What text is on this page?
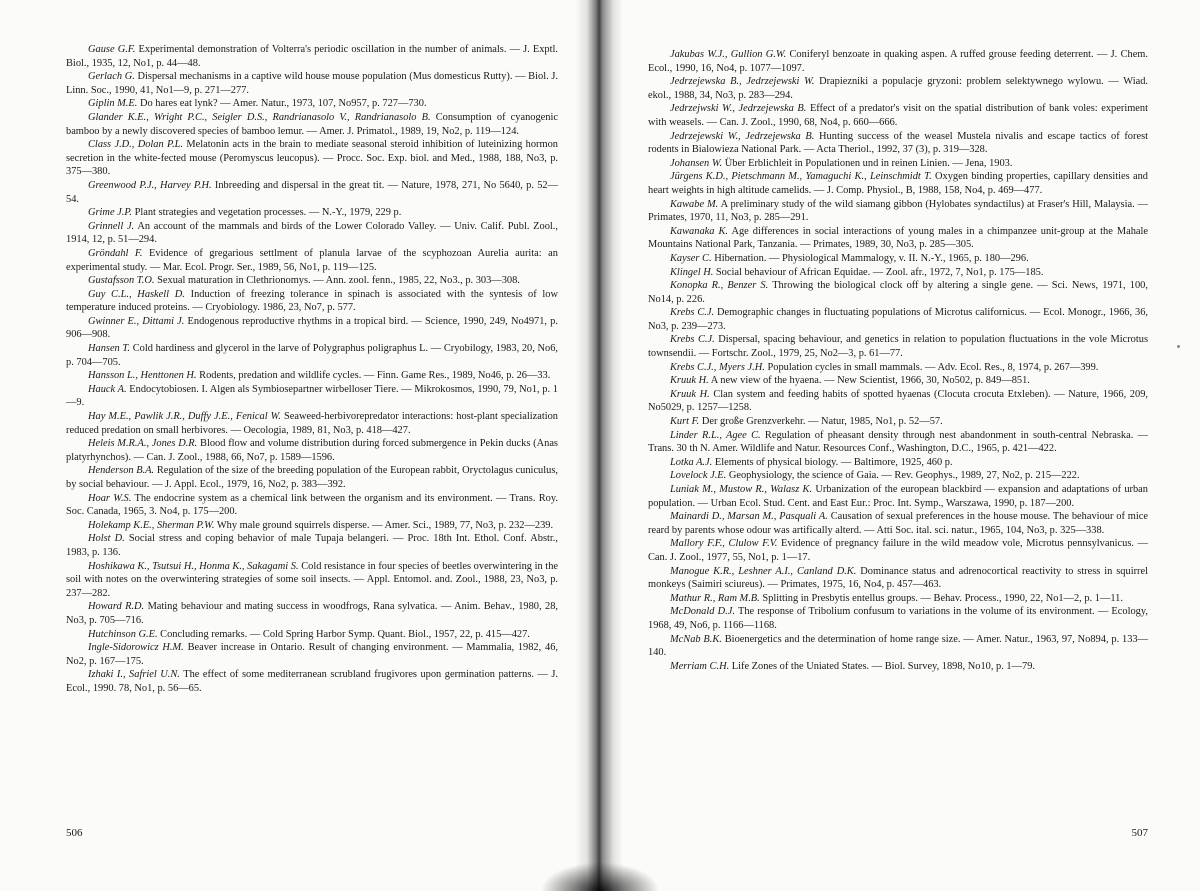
Gause G.F. Experimental demonstration of Volterra's periodic oscillation in the number of animals. — J. Exptl. Biol., 1935, 12, No1, p. 44—48.

Gerlach G. Dispersal mechanisms in a captive wild house mouse population (Mus domesticus Rutty). — Biol. J. Linn. Soc., 1990, 41, No1—9, p. 271—277.

Giplin M.E. Do hares eat lynk? — Amer. Natur., 1973, 107, No957, p. 727—730.

Glander K.E., Wright P.C., Seigler D.S., Randrianasolo V., Randrianasolo B. Consumption of cyanogenic bamboo by a newly discovered species of bamboo lemur. — Amer. J. Primatol., 1989, 19, No2, p. 119—124.

Class J.D., Dolan P.L. Melatonin acts in the brain to mediate seasonal steroid inhibition of luteinizing hormon secretion in the white-fected mouse (Peromyscus leucopus). — Procc. Soc. Exp. biol. and Med., 1988, 188, No3, p. 375—380.

Greenwood P.J., Harvey P.H. Inbreeding and dispersal in the great tit. — Nature, 1978, 271, No 5640, p. 52—54.

Grime J.P. Plant strategies and vegetation processes. — N.-Y., 1979, 229 p.

Grinnell J. An account of the mammals and birds of the Lower Colorado Valley. — Univ. Calif. Publ. Zool., 1914, 12, p. 51—294.

Gröndahl F. Evidence of gregarious settlment of planula larvae of the scyphozoan Aurelia aurita: an experimental study. — Mar. Ecol. Progr. Ser., 1989, 56, No1, p. 119—125.

Gustafsson T.O. Sexual maturation in Clethrionomys. — Ann. zool. fenn., 1985, 22, No3., p. 303—308.

Guy C.L., Haskell D. Induction of freezing tolerance in spinach is associated with the syntesis of low temperature induced proteins. — Cryobiology. 1986, 23, No7, p. 577.

Gwinner E., Dittami J. Endogenous reproductive rhythms in a tropical bird. — Science, 1990, 249, No4971, p. 906—908.

Hansen T. Cold hardiness and glycerol in the larve of Polygraphus poligraphus L. — Cryobilogy, 1983, 20, No6, p. 704—705.

Hansson L., Henttonen H. Rodents, predation and wildlife cycles. — Finn. Game Res., 1989, No46, p. 26—33.

Hauck A. Endocytobiosen. I. Algen als Symbiosepartner wirbelloser Tiere. — Mikrokosmos, 1990, 79, No1, p. 1—9.

Hay M.E., Pawlik J.R., Duffy J.E., Fenical W. Seaweed-herbivorepredator interactions: host-plant specialization reduced predation on small herbivores. — Oecologia, 1989, 81, No3, p. 418—427.

Heleis M.R.A., Jones D.R. Blood flow and volume distribution during forced submergence in Pekin ducks (Anas platyrhynchos). — Can. J. Zool., 1988, 66, No7, p. 1589—1596.

Henderson B.A. Regulation of the size of the breeding population of the European rabbit, Oryctolagus cuniculus, by social behaviour. — J. Appl. Ecol., 1979, 16, No2, p. 383—392.

Hoar W.S. The endocrine system as a chemical link between the organism and its environment. — Trans. Roy. Soc. Canada, 1965, 3. No4, p. 175—200.

Holekamp K.E., Sherman P.W. Why male ground squirrels disperse. — Amer. Sci., 1989, 77, No3, p. 232—239.

Holst D. Social stress and coping behavior of male Tupaja belangeri. — Proc. 18th Int. Ethol. Conf. Abstr., 1983, p. 136.

Hoshikawa K., Tsutsui H., Honma K., Sakagami S. Cold resistance in four species of beetles overwintering in the soil with notes on the overwintering strategies of some soil insects. — Appl. Entomol. and. Zool., 1988, 23, No3, p. 237—282.

Howard R.D. Mating behaviour and mating success in woodfrogs, Rana sylvatica. — Anim. Behav., 1980, 28, No3, p. 705—716.

Hutchinson G.E. Concluding remarks. — Cold Spring Harbor Symp. Quant. Biol., 1957, 22, p. 415—427.

Ingle-Sidorowicz H.M. Beaver increase in Ontario. Result of changing environment. — Mammalia, 1982, 46, No2, p. 167—175.

Izhaki I., Safriel U.N. The effect of some mediterranean scrubland frugivores upon germination patterns. — J. Ecol., 1990. 78, No1, p. 56—65.

506

Jakubas W.J., Gullion G.W. Coniferyl benzoate in quaking aspen. A ruffed grouse feeding deterrent. — J. Chem. Ecol., 1990, 16, No4, p. 1077—1097.

Jedrzejewska B., Jedrzejewski W. Drapieznikі a populacje gryzoni: problem selektywnego wylowu. — Wiad. ekol., 1988, 34, No3, p. 283—294.

Jedrzejwski W., Jedrzejewska B. Effect of a predator's visit on the spatial distribution of bank voles: experiment with weasels. — Can. J. Zool., 1990, 68, No4, p. 660—666.

Jedrzejewski W., Jedrzejewska B. Hunting success of the weasel Mustela nivalis and escape tactics of forest rodents in Bialowieza National Park. — Acta Theriol., 1992, 37 (3), p. 319—328.

Johansen W. Über Erblichleit in Populationen und in reinen Linien. — Jena, 1903.

Jürgens K.D., Pietschmann M., Yamaguchi K., Leinschmidt T. Oxygen binding properties, capillary densities and heart weights in high altitude camelids. — J. Comp. Physiol., B, 1988, 158, No4, p. 469—477.

Kawabe M. A preliminary study of the wild siamang gibbon (Hylobates syndactilus) at Fraser's Hill, Malaysia. — Primates, 1970, 11, No3, p. 285—291.

Kawanaka K. Age differences in social interactions of young males in a chimpanzee unit-group at the Mahale Mountains National Park, Tanzania. — Primates, 1989, 30, No3, p. 285—305.

Kayser C. Hibernation. — Physiological Mammalogy, v. II. N.-Y., 1965, p. 180—296.

Klingel H. Social behaviour of African Equidae. — Zool. afr., 1972, 7, No1, p. 175—185.

Konopka R., Benzer S. Throwing the biological clock off by altering a single gene. — Sci. News, 1971, 100, No14, p. 226.

Krebs C.J. Demographic changes in fluctuating populations of Microtus californicus. — Ecol. Monogr., 1966, 36, No3, p. 239—273.

Krebs C.J. Dispersal, spacing behaviour, and genetics in relation to population fluctuations in the vole Microtus townsendii. — Fortschr. Zool., 1979, 25, No2—3, p. 61—77.

Krebs C.J., Myers J.H. Population cycles in small mammals. — Adv. Ecol. Res., 8, 1974, p. 267—399.

Kruuk H. A new view of the hyaena. — New Scientist, 1966, 30, No502, p. 849—851.

Kruuk H. Clan system and feeding habits of spotted hyaenas (Clocuta crocuta Etxleben). — Nature, 1966, 209, No5029, p. 1257—1258.

Kurt F. Der große Grenzverkehr. — Natur, 1985, No1, p. 52—57.

Linder R.L., Agee C. Regulation of pheasant density through nest abandonment in south-central Nebraska. — Trans. 30 th N. Amer. Wildlife and Natur. Resources Conf., Washington, D.C., 1965, p. 421—422.

Lotka A.J. Elements of physical biology. — Baltimore, 1925, 460 p.

Lovelock J.E. Geophysiology, the science of Gaia. — Rev. Geophys., 1989, 27, No2, p. 215—222.

Luniak M., Mustow R., Walasz K. Urbanization of the european blackbird — expansion and adaptations of urban population. — Urban Ecol. Stud. Cent. and East Eur.: Proc. Int. Symp., Warszawa, 1990, p. 187—200.

Mainardi D., Marsan M., Pasquali A. Causation of sexual preferences in the house mouse. The behaviour of mice reard by parents whose odour was artifically alterd. — Atti Soc. ital. sci. natur., 1965, 104, No3, p. 325—338.

Mallory F.F., Clulow F.V. Evidence of pregnancy failure in the wild meadow vole, Microtus pennsylvanicus. — Can. J. Zool., 1977, 55, No1, p. 1—17.

Manogue K.R., Leshner A.I., Canland D.K. Dominance status and adrenocortical reactivity to stress in squirrel monkeys (Saimiri sciureus). — Primates, 1975, 16, No4, p. 457—463.

Mathur R., Ram M.B. Splitting in Presbytis entellus groups. — Behav. Process., 1990, 22, No1—2, p. 1—11.

McDonald D.J. The response of Tribolium confusum to variations in the volume of its environment. — Ecology, 1968, 49, No6, p. 1166—1168.

McNab B.K. Bioenergetics and the determination of home range size. — Amer. Natur., 1963, 97, No894, p. 133—140.

Merriam C.H. Life Zones of the Uniated States. — Biol. Survey, 1898, No10, p. 1—79.

507
